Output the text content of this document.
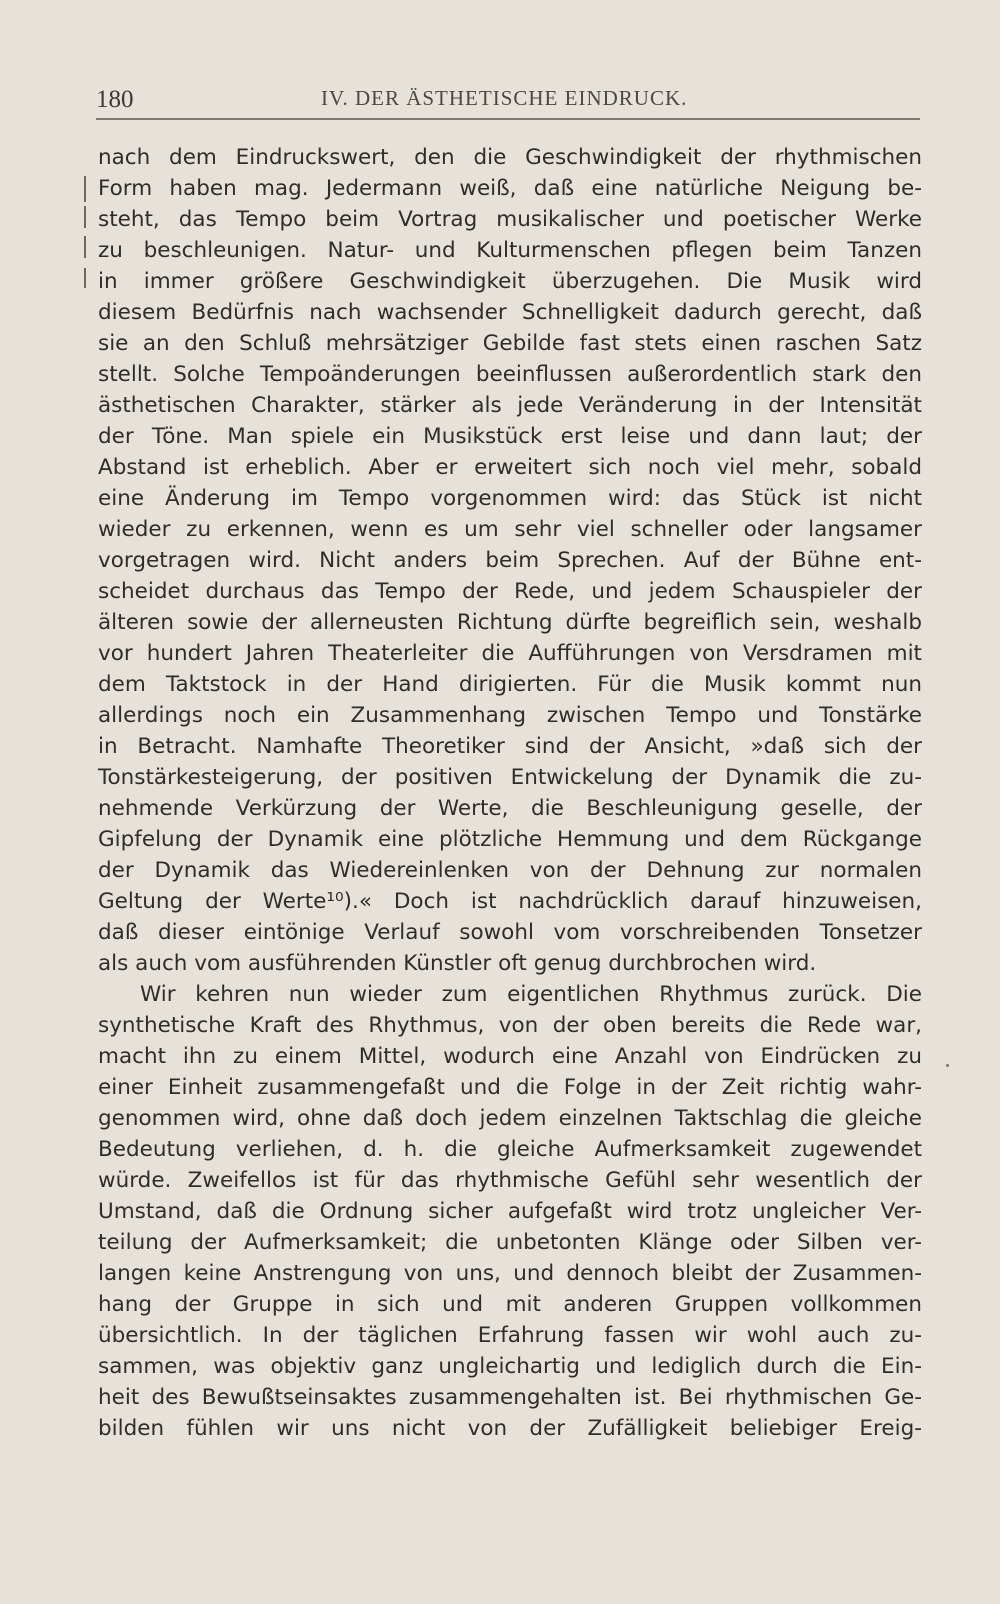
180	IV. DER ÄSTHETISCHE EINDRUCK.
nach dem Eindruckswert, den die Geschwindigkeit der rhythmischen
Form haben mag. Jedermann weiß, daß eine natürliche Neigung be-
steht, das Tempo beim Vortrag musikalischer und poetischer Werke
zu beschleunigen. Natur- und Kulturmenschen pflegen beim Tanzen
in immer größere Geschwindigkeit überzugehen. Die Musik wird
diesem Bedürfnis nach wachsender Schnelligkeit dadurch gerecht, daß
sie an den Schluß mehrsätziger Gebilde fast stets einen raschen Satz
stellt. Solche Tempoänderungen beeinflussen außerordentlich stark den
ästhetischen Charakter, stärker als jede Veränderung in der Intensität
der Töne. Man spiele ein Musikstück erst leise und dann laut; der
Abstand ist erheblich. Aber er erweitert sich noch viel mehr, sobald
eine Änderung im Tempo vorgenommen wird: das Stück ist nicht
wieder zu erkennen, wenn es um sehr viel schneller oder langsamer
vorgetragen wird. Nicht anders beim Sprechen. Auf der Bühne ent-
scheidet durchaus das Tempo der Rede, und jedem Schauspieler der
älteren sowie der allerneusten Richtung dürfte begreiflich sein, weshalb
vor hundert Jahren Theaterleiter die Aufführungen von Versdramen mit
dem Taktstock in der Hand dirigierten. Für die Musik kommt nun
allerdings noch ein Zusammenhang zwischen Tempo und Tonstärke
in Betracht. Namhafte Theoretiker sind der Ansicht, »daß sich der
Tonstärkesteigerung, der positiven Entwickelung der Dynamik die zu-
nehmende Verkürzung der Werte, die Beschleunigung geselle, der
Gipfelung der Dynamik eine plötzliche Hemmung und dem Rückgange
der Dynamik das Wiedereinlenken von der Dehnung zur normalen
Geltung der Werte¹⁰).« Doch ist nachdrücklich darauf hinzuweisen,
daß dieser eintönige Verlauf sowohl vom vorschreibenden Tonsetzer
als auch vom ausführenden Künstler oft genug durchbrochen wird.
Wir kehren nun wieder zum eigentlichen Rhythmus zurück. Die
synthetische Kraft des Rhythmus, von der oben bereits die Rede war,
macht ihn zu einem Mittel, wodurch eine Anzahl von Eindrücken zu
einer Einheit zusammengefaßt und die Folge in der Zeit richtig wahr-
genommen wird, ohne daß doch jedem einzelnen Taktschlag die gleiche
Bedeutung verliehen, d. h. die gleiche Aufmerksamkeit zugewendet
würde. Zweifellos ist für das rhythmische Gefühl sehr wesentlich der
Umstand, daß die Ordnung sicher aufgefaßt wird trotz ungleicher Ver-
teilung der Aufmerksamkeit; die unbetonten Klänge oder Silben ver-
langen keine Anstrengung von uns, und dennoch bleibt der Zusammen-
hang der Gruppe in sich und mit anderen Gruppen vollkommen
übersichtlich. In der täglichen Erfahrung fassen wir wohl auch zu-
sammen, was objektiv ganz ungleichartig und lediglich durch die Ein-
heit des Bewußtseinsaktes zusammengehalten ist. Bei rhythmischen Ge-
bilden fühlen wir uns nicht von der Zufälligkeit beliebiger Ereig-
